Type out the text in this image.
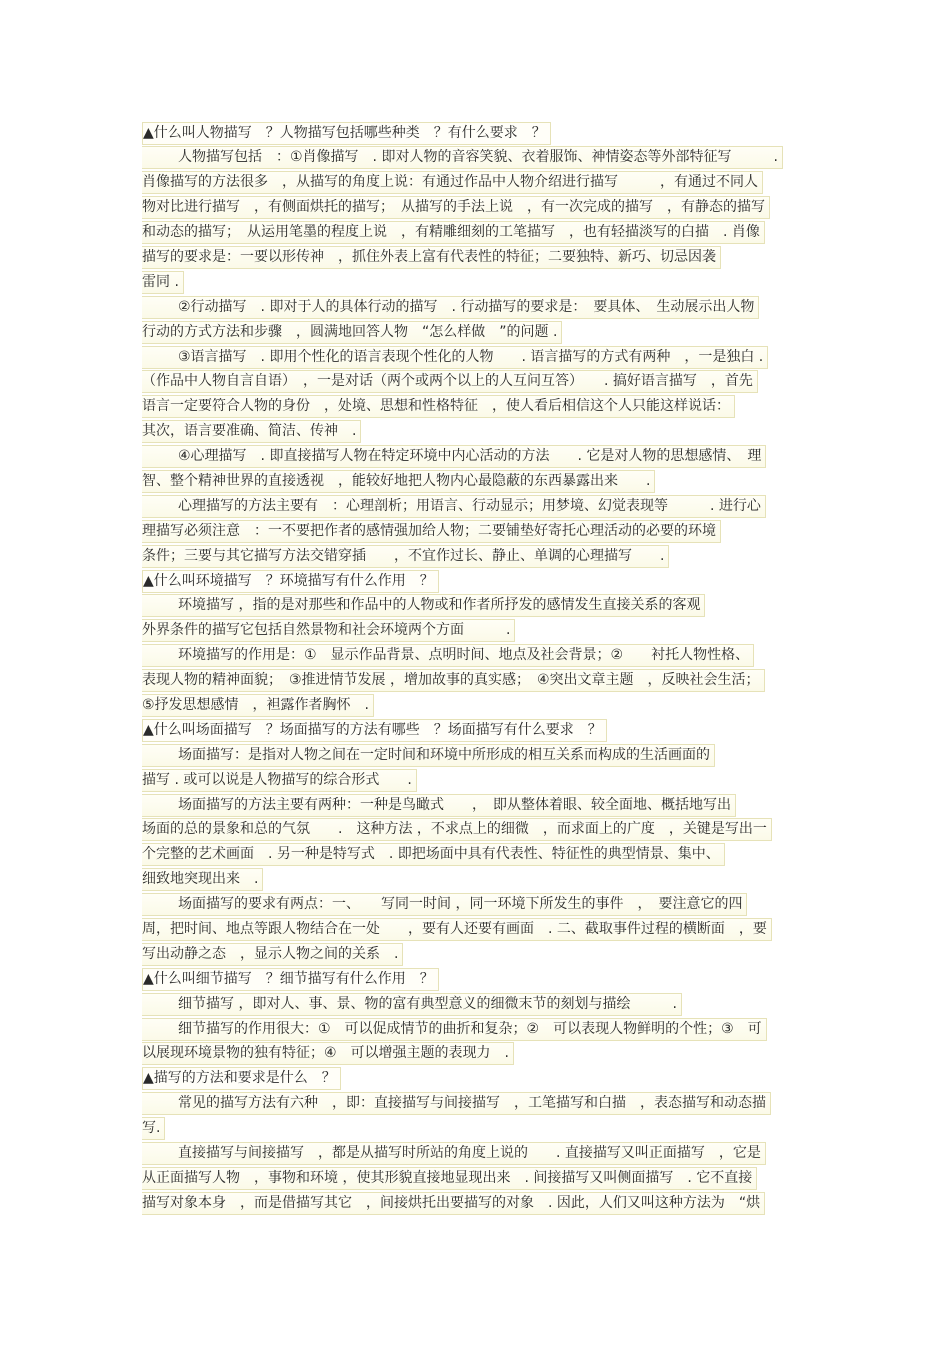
▲什么叫人物描写　？人物描写包括哪些种类　？有什么要求　？
人物描写包括　：①肖像描写　. 即对人物的音容笑貌、衣着服饰、神情姿态等外部特征写　　　.
肖像描写的方法很多　，从描写的角度上说：有通过作品中人物介绍进行描写　　　，有通过不同人
物对比进行描写　，有侧面烘托的描写；　从描写的手法上说　，有一次完成的描写　，有静态的描写
和动态的描写；　从运用笔墨的程度上说　，有精雕细刻的工笔描写　，也有轻描淡写的白描　. 肖像
描写的要求是：一要以形传神　，抓住外表上富有代表性的特征；二要独特、新巧、切忌因袭
雷同 .
②行动描写　. 即对于人的具体行动的描写　. 行动描写的要求是：　要具体、　生动展示出人物
行动的方式方法和步骤　，圆满地回答人物　“怎么样做　”的问题 .
③语言描写　. 即用个性化的语言表现个性化的人物　　. 语言描写的方式有两种　，一是独白 .
（作品中人物自言自语）　，一是对话（两个或两个以上的人互问互答）　　. 搞好语言描写　，首先
语言一定要符合人物的身份　，处境、思想和性格特征　，使人看后相信这个人只能这样说话：
其次，语言要准确、简洁、传神　.
④心理描写　. 即直接描写人物在特定环境中内心活动的方法　　. 它是对人物的思想感情、　理
智、整个精神世界的直接透视　，能较好地把人物内心最隐蔽的东西暴露出来　　.
心理描写的方法主要有　：心理剖析；用语言、行动显示；用梦境、幻觉表现等　　　. 进行心
理描写必须注意　：一不要把作者的感情强加给人物；二要铺垫好寄托心理活动的必要的环境
条件；三要与其它描写方法交错穿插　　，不宜作过长、静止、单调的心理描写　　.
▲什么叫环境描写　？环境描写有什么作用　？
环境描写 ，指的是对那些和作品中的人物或和作者所抒发的感情发生直接关系的客观
外界条件的描写它包括自然景物和社会环境两个方面　　　.
环境描写的作用是：①　显示作品背景、点明时间、地点及社会背景；②　　衬托人物性格、
表现人物的精神面貌；　③推进情节发展 ，增加故事的真实感；　④突出文章主题　，反映社会生活；
⑤抒发思想感情　，袒露作者胸怀　.
▲什么叫场面描写　？场面描写的方法有哪些　？场面描写有什么要求　？
场面描写：是指对人物之间在一定时间和环境中所形成的相互关系而构成的生活画面的
描写 . 或可以说是人物描写的综合形式　　.
场面描写的方法主要有两种：一种是鸟瞰式　　，　即从整体着眼、较全面地、概括地写出
场面的总的景象和总的气氛　　.　这种方法 ，不求点上的细微　，而求面上的广度　，关键是写出一
个完整的艺术画面　. 另一种是特写式　. 即把场面中具有代表性、特征性的典型情景、集中、
细致地突现出来　.
场面描写的要求有两点：一、　　写同一时间 ，同一环境下所发生的事件　，　要注意它的四
周，把时间、地点等跟人物结合在一处　　，要有人还要有画面　. 二、截取事件过程的横断面　，要
写出动静之态　，显示人物之间的关系　.
▲什么叫细节描写　？细节描写有什么作用　？
细节描写 ，即对人、事、景、物的富有典型意义的细微末节的刻划与描绘　　　.
细节描写的作用很大：①　可以促成情节的曲折和复杂；②　可以表现人物鲜明的个性；③　可
以展现环境景物的独有特征；④　可以增强主题的表现力　.
▲描写的方法和要求是什么　？
常见的描写方法有六种　，即：直接描写与间接描写　，工笔描写和白描　，表态描写和动态描
写.
直接描写与间接描写　，都是从描写时所站的角度上说的　　. 直接描写又叫正面描写　，它是
从正面描写人物　，事物和环境 ，使其形貌直接地显现出来　. 间接描写又叫侧面描写　. 它不直接
描写对象本身　，而是借描写其它　，间接烘托出要描写的对象　. 因此，人们又叫这种方法为　“烘
